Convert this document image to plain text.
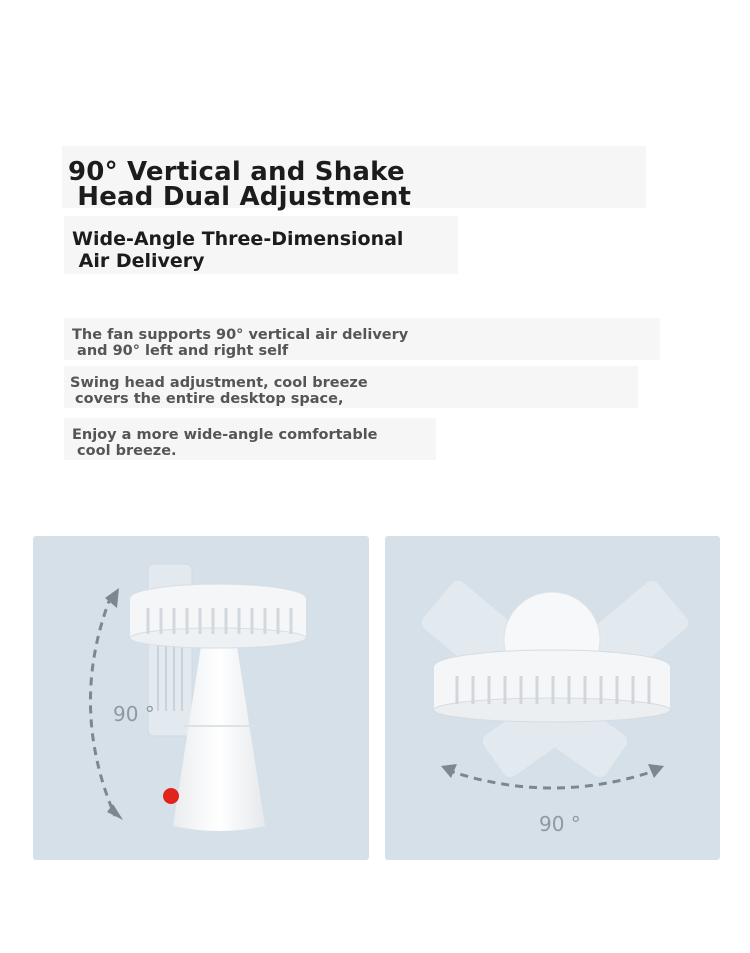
90° Vertical and Shake
Head Dual Adjustment
Wide-Angle Three-Dimensional
Air Delivery
The fan supports 90° vertical air delivery
and 90° left and right self
Swing head adjustment, cool breeze
covers the entire desktop space,
Enjoy a more wide-angle comfortable
cool breeze.
90 °
90 °
